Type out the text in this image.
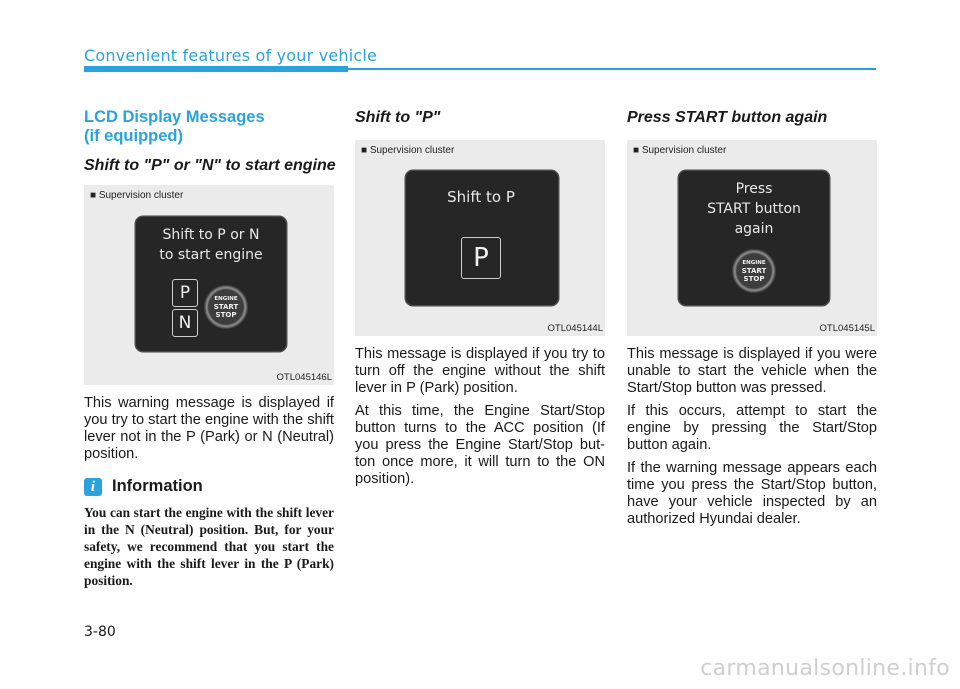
Convenient features of your vehicle
LCD Display Messages
(if equipped)
Shift to "P" or "N" to start engine
■ Supervision cluster
Shift to P or N
to start engine
P
N
ENGINE
START
STOP
OTL045146L

This warning message is displayed if you try to start the engine with the shift lever not in the P (Park) or N (Neutral) position.

i	Information
You can start the engine with the shift lever in the N (Neutral) position. But, for your safety, we recommend that you start the engine with the shift lever in the P (Park) position.
Shift to "P"
■ Supervision cluster
Shift to P
P
OTL045144L

This message is displayed if you try to turn off the engine without the shift lever in P (Park) position.

At this time, the Engine Start/Stop button turns to the ACC position (If you press the Engine Start/Stop but-ton once more, it will turn to the ON position).

Press START button again
■ Supervision cluster
Press
START button
again
ENGINE
START
STOP
OTL045145L

This message is displayed if you were unable to start the vehicle when the Start/Stop button was pressed.

If this occurs, attempt to start the engine by pressing the Start/Stop button again.

If the warning message appears each time you press the Start/Stop button, have your vehicle inspected by an authorized Hyundai dealer.

3-80
carmanualsonline.info
